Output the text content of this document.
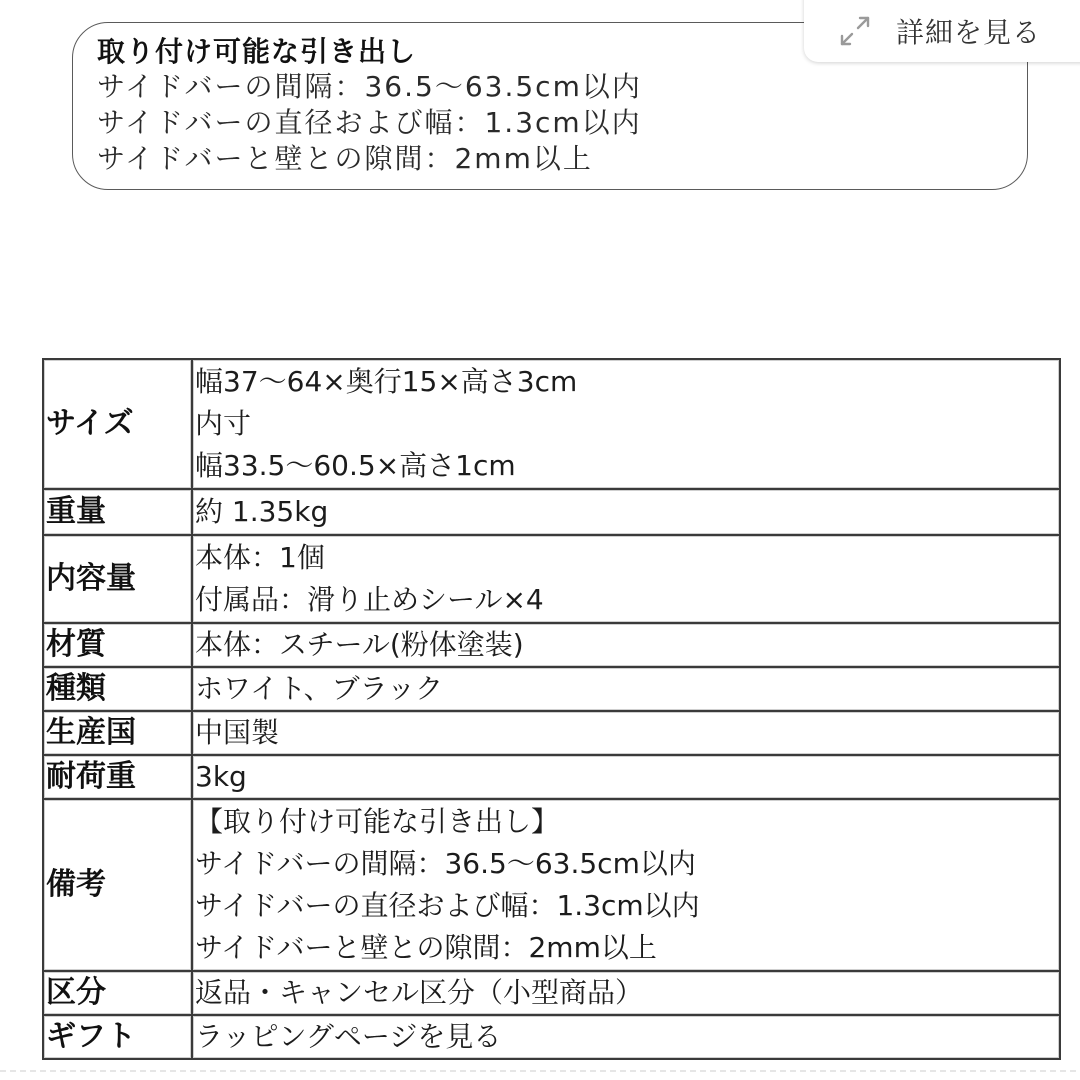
取り付け可能な引き出し
サイドバーの間隔：36.5〜63.5cm以内
サイドバーの直径および幅：1.3cm以内
サイドバーと壁との隙間：2mm以上
詳細を見る
サイズ	幅37〜64×奥行15×高さ3cm
内寸
幅33.5〜60.5×高さ1cm

重量	約 1.35kg

内容量	本体：1個
付属品：滑り止めシール×4

材質	本体：スチール(粉体塗装)

種類	ホワイト、ブラック

生産国	中国製

耐荷重	3kg

備考	【取り付け可能な引き出し】
サイドバーの間隔：36.5〜63.5cm以内
サイドバーの直径および幅：1.3cm以内
サイドバーと壁との隙間：2mm以上

区分	返品・キャンセル区分（小型商品）

ギフト	ラッピングページを見る
